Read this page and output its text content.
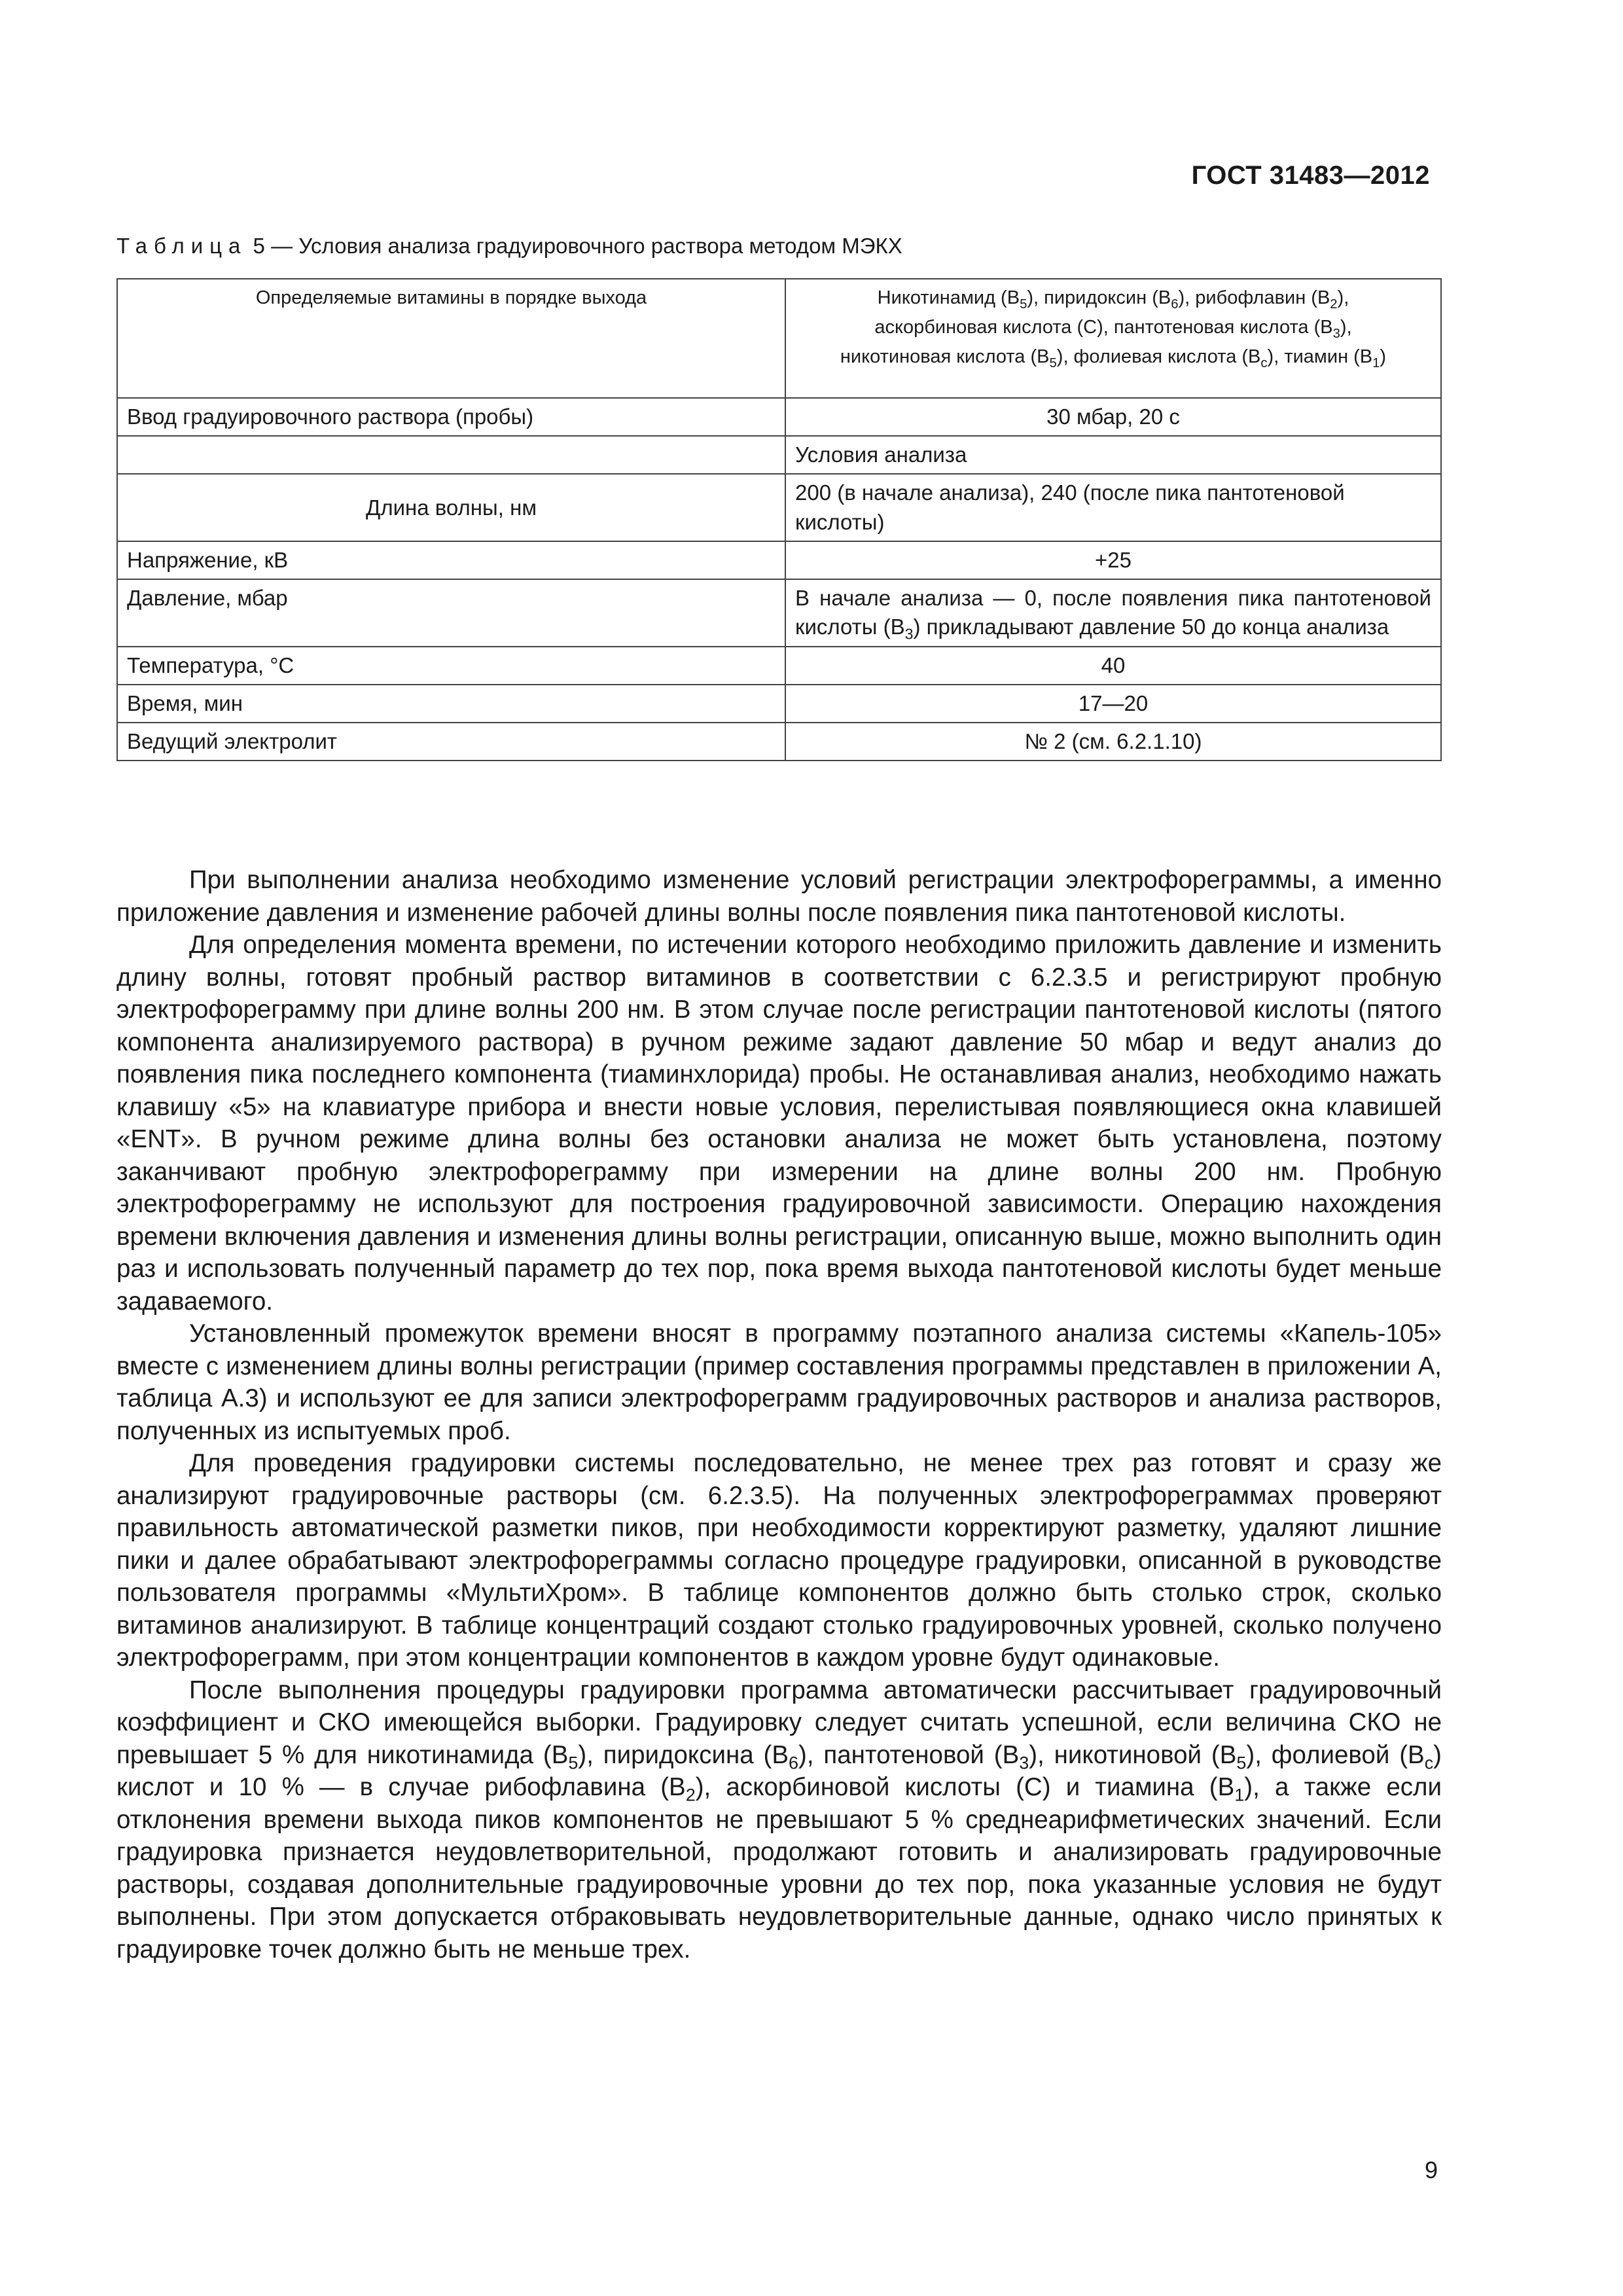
ГОСТ 31483—2012
Таблица 5 — Условия анализа градуировочного раствора методом МЭКХ
Определяемые витамины в порядке выхода	Никотинамид $(B_5)$, пиридоксин $(B_6)$, рибофлавин $(B_2)$,
аскорбиновая кислота (C), пантотеновая кислота $(B_3)$,
никотиновая кислота $(B_5)$, фолиевая кислота $(B_c)$, тиамин $(B_1)$

Ввод градуировочного раствора (пробы)	30 мбар, 20 с
	Условия анализа
Длина волны, нм	200 (в начале анализа), 240 (после пика пантотеновой кислоты)
Напряжение, кВ	+25
Давление, мбар	В начале анализа — 0, после появления пика пантотеновой кислоты $(B_3)$ прикладывают давление 50 до конца анализа
Температура, °С	40
Время, мин	17—20
Ведущий электролит	№ 2 (см. 6.2.1.10)

При выполнении анализа необходимо изменение условий регистрации электрофореграммы, а именно приложение давления и изменение рабочей длины волны после появления пика пантотеновой кислоты.

Для определения момента времени, по истечении которого необходимо приложить давление и изменить длину волны, готовят пробный раствор витаминов в соответствии с 6.2.3.5 и регистрируют пробную электрофореграмму при длине волны 200 нм. В этом случае после регистрации пантотеновой кислоты (пятого компонента анализируемого раствора) в ручном режиме задают давление 50 мбар и ведут анализ до появления пика последнего компонента (тиаминхлорида) пробы. Не останавливая анализ, необходимо нажать клавишу «5» на клавиатуре прибора и внести новые условия, перелистывая появляющиеся окна клавишей «ENT». В ручном режиме длина волны без остановки анализа не может быть установлена, поэтому заканчивают пробную электрофореграмму при измерении на длине волны 200 нм. Пробную электрофореграмму не используют для построения градуировочной зависимости. Операцию нахождения времени включения давления и изменения длины волны регистрации, описанную выше, можно выполнить один раз и использовать полученный параметр до тех пор, пока время выхода пантотеновой кислоты будет меньше задаваемого.

Установленный промежуток времени вносят в программу поэтапного анализа системы «Капель-105» вместе с изменением длины волны регистрации (пример составления программы представлен в приложении А, таблица А.3) и используют ее для записи электрофореграмм градуировочных растворов и анализа растворов, полученных из испытуемых проб.

Для проведения градуировки системы последовательно, не менее трех раз готовят и сразу же анализируют градуировочные растворы (см. 6.2.3.5). На полученных электрофореграммах проверяют правильность автоматической разметки пиков, при необходимости корректируют разметку, удаляют лишние пики и далее обрабатывают электрофореграммы согласно процедуре градуировки, описанной в руководстве пользователя программы «МультиХром». В таблице компонентов должно быть столько строк, сколько витаминов анализируют. В таблице концентраций создают столько градуировочных уровней, сколько получено электрофореграмм, при этом концентрации компонентов в каждом уровне будут одинаковые.

После выполнения процедуры градуировки программа автоматически рассчитывает градуировочный коэффициент и СКО имеющейся выборки. Градуировку следует считать успешной, если величина СКО не превышает 5 % для никотинамида $(B_5)$, пиридоксина $(B_6)$, пантотеновой $(B_3)$, никотиновой $(B_5)$, фолиевой $(B_c)$ кислот и 10 % — в случае рибофлавина $(B_2)$, аскорбиновой кислоты (C) и тиамина $(B_1)$, а также если отклонения времени выхода пиков компонентов не превышают 5 % среднеарифметических значений. Если градуировка признается неудовлетворительной, продолжают готовить и анализировать градуировочные растворы, создавая дополнительные градуировочные уровни до тех пор, пока указанные условия не будут выполнены. При этом допускается отбраковывать неудовлетворительные данные, однако число принятых к градуировке точек должно быть не меньше трех.

9
